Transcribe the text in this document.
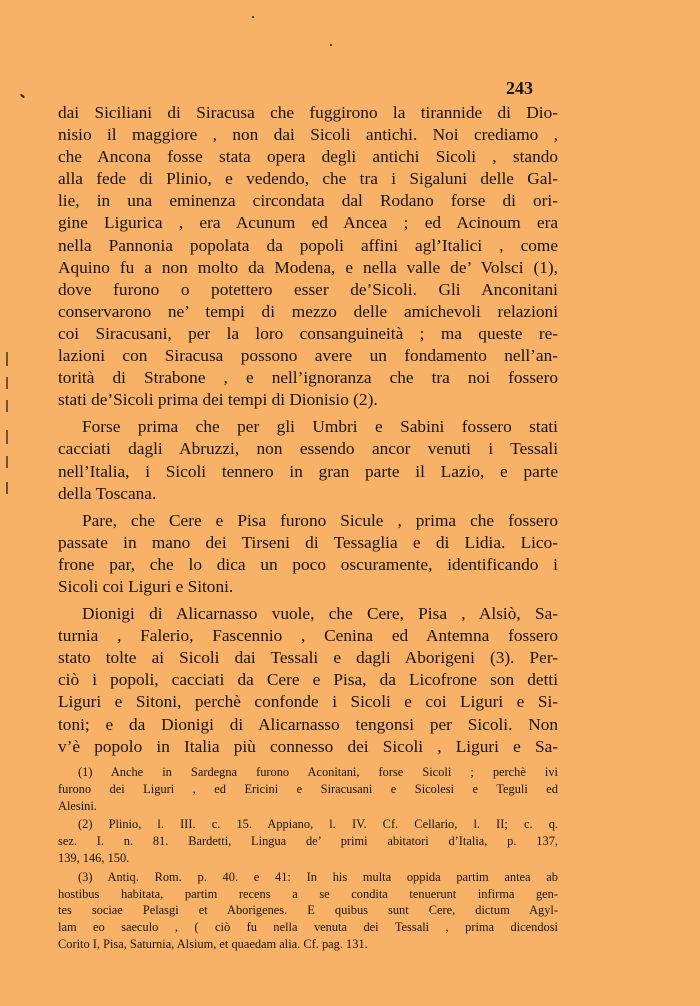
243
dai Siciliani di Siracusa che fuggirono la tirannide di Dio-
nisio il maggiore , non dai Sicoli antichi. Noi crediamo ,
che Ancona fosse stata opera degli antichi Sicoli , stando
alla fede di Plinio, e vedendo, che tra i Sigaluni delle Gal-
lie, in una eminenza circondata dal Rodano forse di ori-
gine Ligurica , era Acunum ed Ancea ; ed Acinoum era
nella Pannonia popolata da popoli affini agl’Italici , come
Aquino fu a non molto da Modena, e nella valle de’ Volsci (1),
dove furono o potettero esser de’Sicoli. Gli Anconitani
conservarono ne’ tempi di mezzo delle amichevoli relazioni
coi Siracusani, per la loro consanguineità ; ma queste re-
lazioni con Siracusa possono avere un fondamento nell’an-
torità di Strabone , e nell’ignoranza che tra noi fossero
stati de’Sicoli prima dei tempi di Dionisio (2).
Forse prima che per gli Umbri e Sabini fossero stati
cacciati dagli Abruzzi, non essendo ancor venuti i Tessali
nell’Italia, i Sicoli tennero in gran parte il Lazio, e parte
della Toscana.
Pare, che Cere e Pisa furono Sicule , prima che fossero
passate in mano dei Tirseni di Tessaglia e di Lidia. Lico-
frone par, che lo dica un poco oscuramente, identificando i
Sicoli coi Liguri e Sitoni.
Dionigi di Alicarnasso vuole, che Cere, Pisa , Alsiò, Sa-
turnia , Falerio, Fascennio , Cenina ed Antemna fossero
stato tolte ai Sicoli dai Tessali e dagli Aborigeni (3). Per-
ciò i popoli, cacciati da Cere e Pisa, da Licofrone son detti
Liguri e Sitoni, perchè confonde i Sicoli e coi Liguri e Si-
toni; e da Dionigi di Alicarnasso tengonsi per Sicoli. Non
v’è popolo in Italia più connesso dei Sicoli , Liguri e Sa-
(1) Anche in Sardegna furono Aconitani, forse Sicoli ; perchè ivi
furono dei Liguri , ed Ericini e Siracusani e Sicolesi e Teguli ed
Alesini.
(2) Plinio, l. III. c. 15. Appiano, l. IV. Cf. Cellario, l. II; c. q.
sez. I. n. 81. Bardetti, Lingua de’ primi abitatori d’Italia, p. 137,
139, 146, 150.
(3) Antiq. Rom. p. 40. e 41: In his multa oppida partim antea ab
hostibus habitata, partim recens a se condita tenuerunt infirma gen-
tes sociae Pelasgi et Aborigenes. E quibus sunt Cere, dictum Agyl-
lam eo saeculo , ( ciò fu nella venuta dei Tessali , prima dicendosi
Corito I, Pisa, Saturnia, Alsium, et quaedam alia. Cf. pag. 131.
